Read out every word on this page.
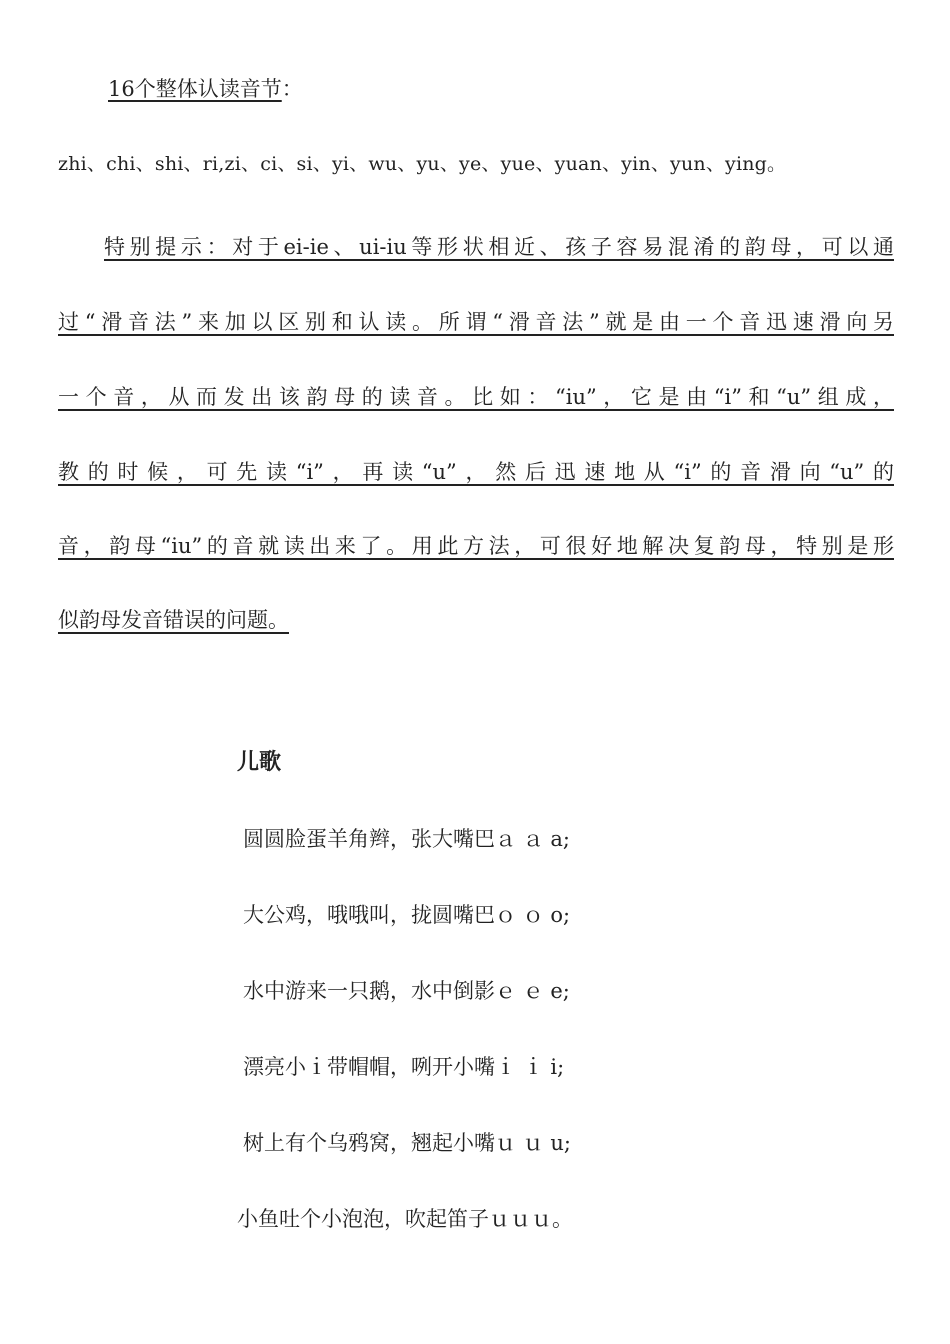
16个整体认读音节：
zhi、chi、shi、ri,zi、ci、si、yi、wu、yu、ye、yue、yuan、yin、yun、ying。
特别提示：对于ei-ie、ui-iu等形状相近、孩子容易混淆的韵母，可以通
过“滑音法”来加以区别和认读。所谓“滑音法”就是由一个音迅速滑向另
一个音，从而发出该韵母的读音。比如：“iu”，它是由“i”和“u”组成，
教的时候，可先读“i”，再读“u”，然后迅速地从“i”的音滑向“u”的
音，韵母“iu”的音就读出来了。用此方法，可很好地解决复韵母，特别是形
似韵母发音错误的问题。
儿歌
圆圆脸蛋羊角辫，张大嘴巴ａ ａ a;
大公鸡，哦哦叫，拢圆嘴巴ｏ ｏ o;
水中游来一只鹅，水中倒影ｅ ｅ e;
漂亮小ｉ带帽帽，咧开小嘴ｉ ｉ i;
树上有个乌鸦窝，翘起小嘴ｕ ｕ u;
小鱼吐个小泡泡，吹起笛子ｕｕｕ。
